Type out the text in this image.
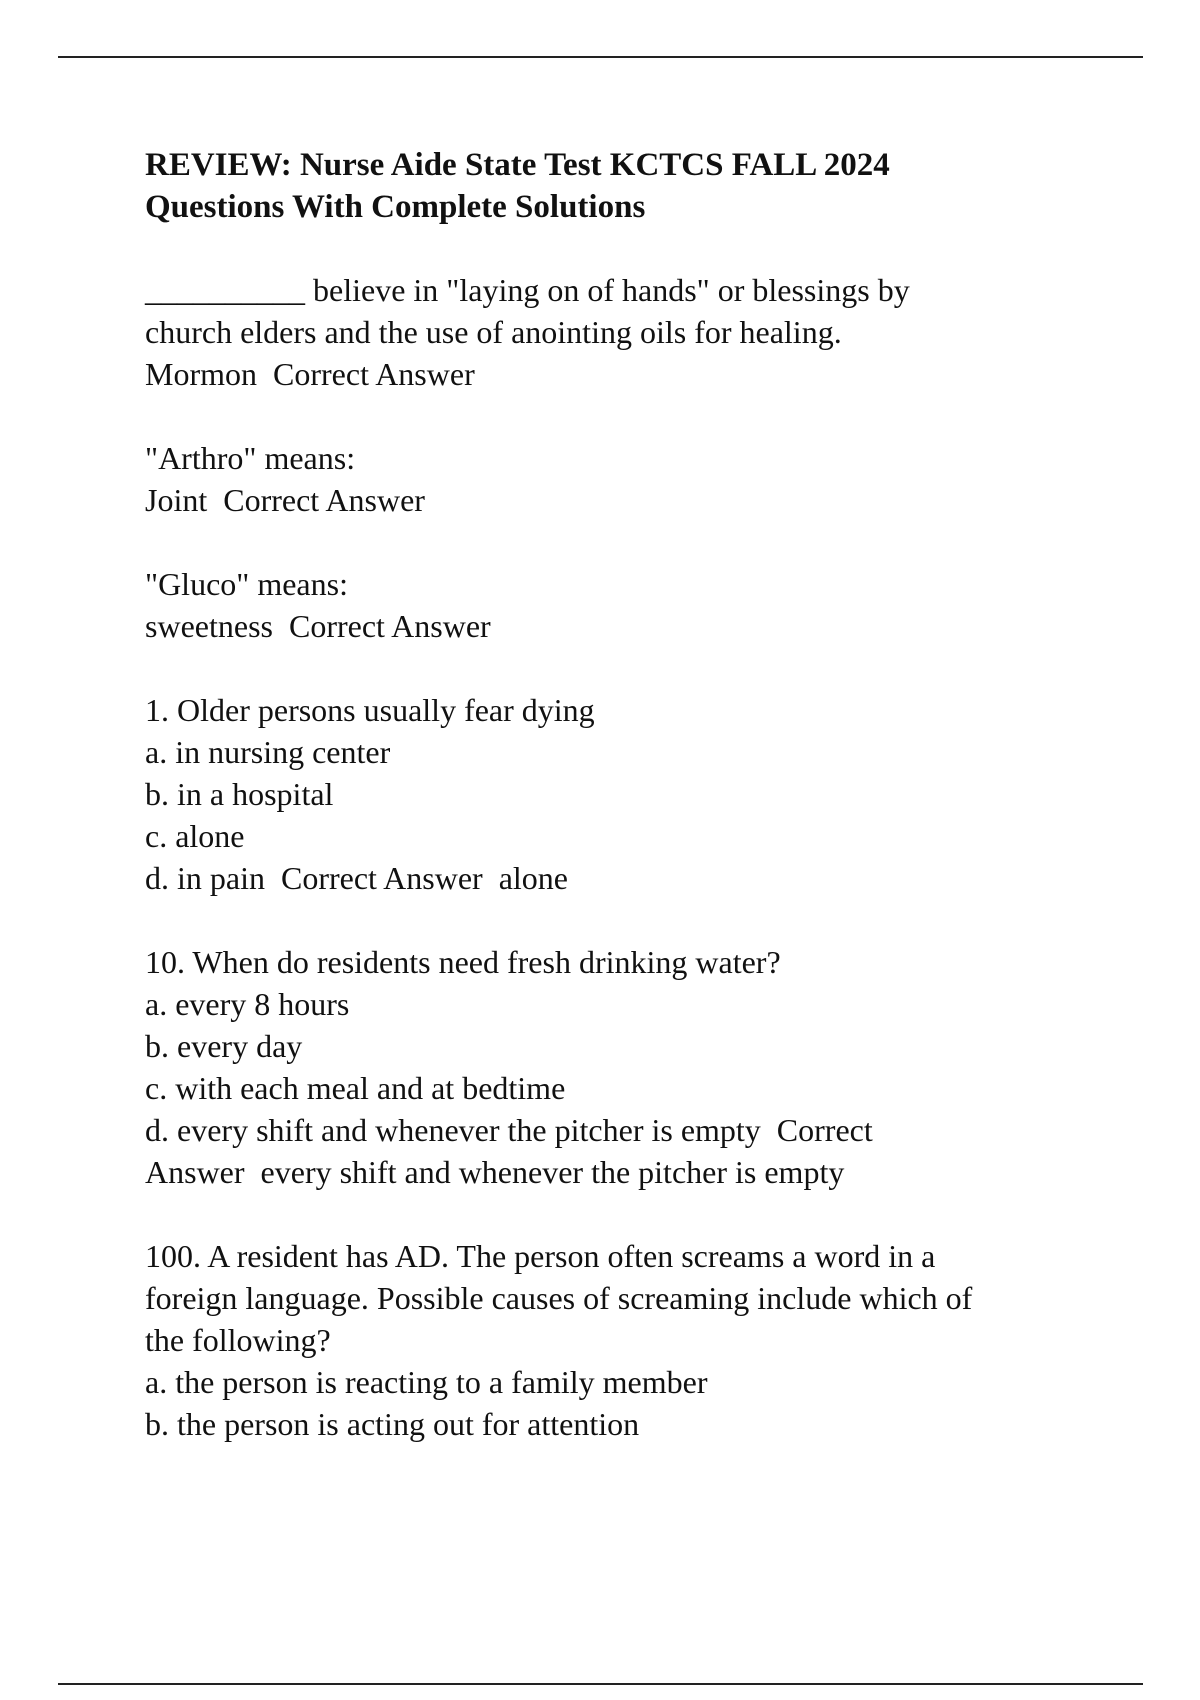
REVIEW: Nurse Aide State Test KCTCS FALL 2024
Questions With Complete Solutions
__________ believe in "laying on of hands" or blessings by
church elders and the use of anointing oils for healing.
Mormon  Correct Answer
"Arthro" means:
Joint  Correct Answer
"Gluco" means:
sweetness  Correct Answer
1. Older persons usually fear dying
a. in nursing center
b. in a hospital
c. alone
d. in pain  Correct Answer  alone
10. When do residents need fresh drinking water?
a. every 8 hours
b. every day
c. with each meal and at bedtime
d. every shift and whenever the pitcher is empty  Correct
Answer  every shift and whenever the pitcher is empty
100. A resident has AD. The person often screams a word in a
foreign language. Possible causes of screaming include which of
the following?
a. the person is reacting to a family member
b. the person is acting out for attention
